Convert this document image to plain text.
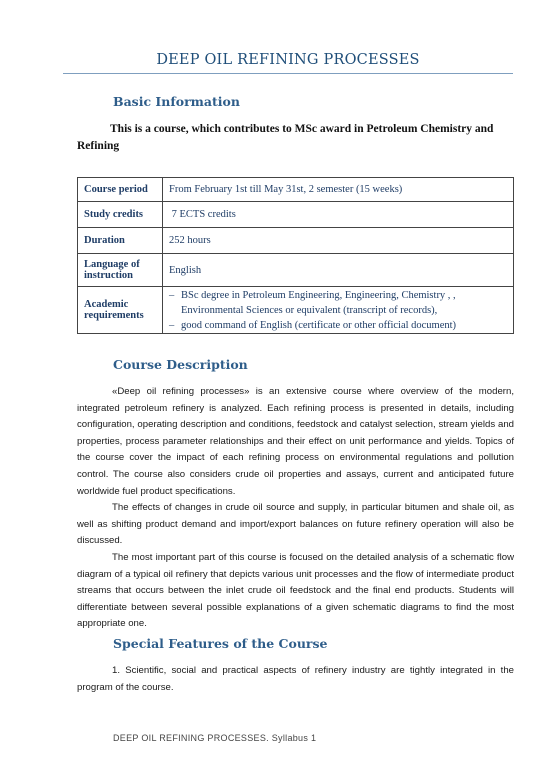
DEEP OIL REFINING PROCESSES
Basic Information
This is a course, which contributes to MSc award in Petroleum Chemistry and
Refining
Course period	From February 1st till May 31st, 2 semester (15 weeks)
Study credits	7 ECTS credits
Duration	252 hours
Language of instruction	English
Academic requirements	– BSc degree in Petroleum Engineering, Engineering, Chemistry , ,
Environmental Sciences or equivalent (transcript of records),
– good command of English (certificate or other official document)
Course Description
«Deep oil refining processes» is an extensive course where overview of the modern, integrated petroleum refinery is analyzed. Each refining process is presented in details, including configuration, operating description and conditions, feedstock and catalyst selection, stream yields and properties, process parameter relationships and their effect on unit performance and yields. Topics of the course cover the impact of each refining process on environmental regulations and pollution control. The course also considers crude oil properties and assays, current and anticipated future worldwide fuel product specifications.
The effects of changes in crude oil source and supply, in particular bitumen and shale oil, as well as shifting product demand and import/export balances on future refinery operation will also be discussed.
The most important part of this course is focused on the detailed analysis of a schematic flow diagram of a typical oil refinery that depicts various unit processes and the flow of intermediate product streams that occurs between the inlet crude oil feedstock and the final end products. Students will differentiate between several possible explanations of a given schematic diagrams to find the most appropriate one.
Special Features of the Course
1. Scientific, social and practical aspects of refinery industry are tightly integrated in the program of the course.
DEEP OIL REFINING PROCESSES. Syllabus 1
